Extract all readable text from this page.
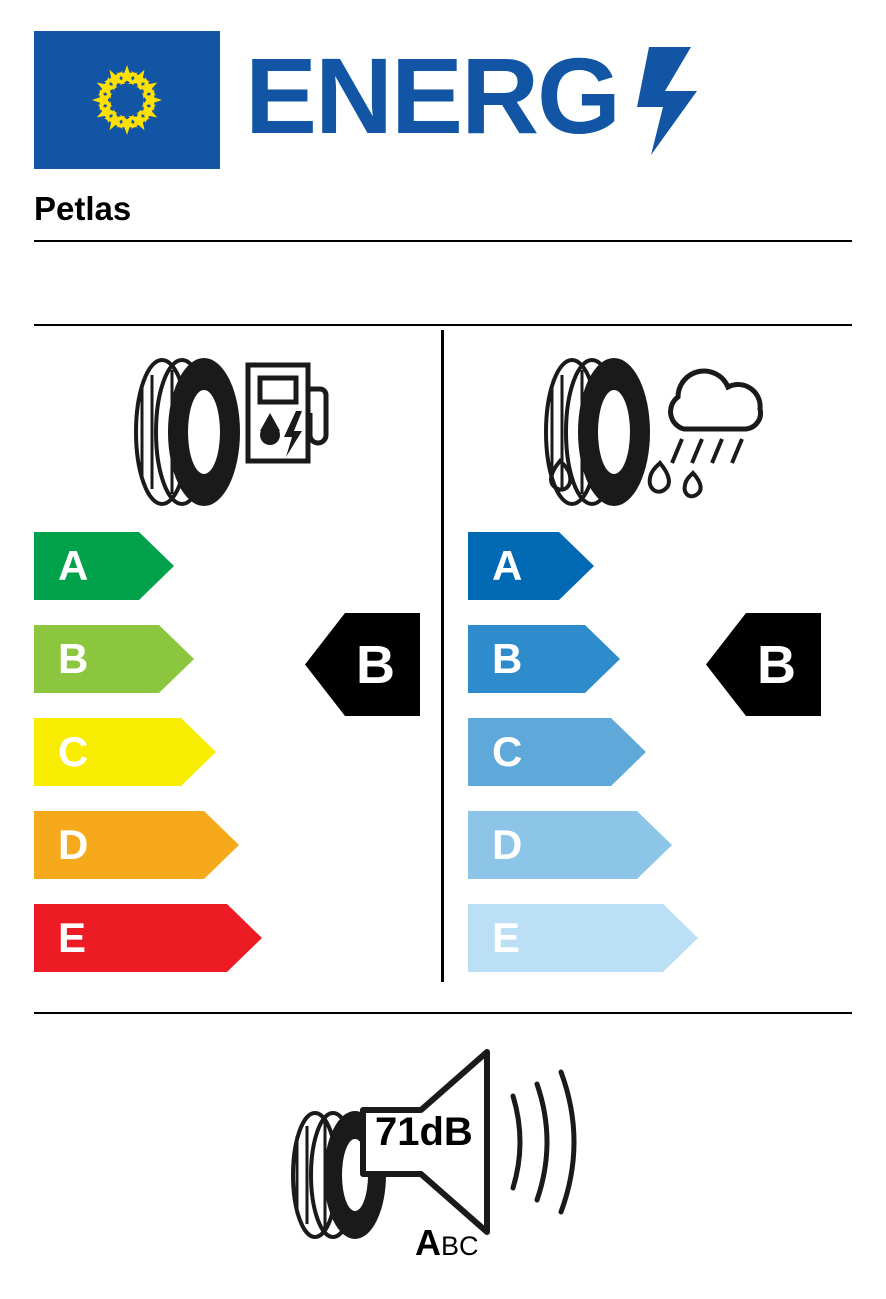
ENERG
Petlas
A
B
C
D
E
B
A
B
C
D
E
B
71dB
ABC
